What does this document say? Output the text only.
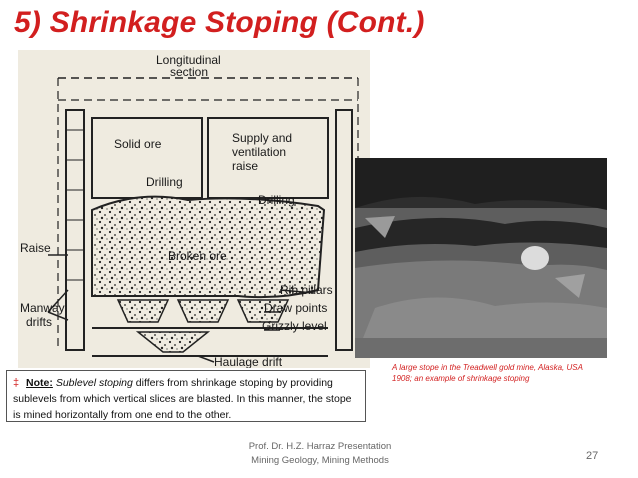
5) Shrinkage Stoping (Cont.)
Longitudinal
section
Solid ore	Supply and
ventilation
raise
Drilling
Drilling
Raise
Broken ore
Manway
drifts
Rib pillars
Draw points
Grizzly level
Haulage drift	A large stope in the Treadwell gold mine, Alaska, USA 1908; an example of shrinkage stoping
‡ Note: Sublevel stoping differs from shrinkage stoping by providing sublevels from which vertical slices are blasted. In this manner, the stope is mined horizontally from one end to the other.
Prof. Dr. H.Z. Harraz Presentation
Mining Geology, Mining Methods	27
